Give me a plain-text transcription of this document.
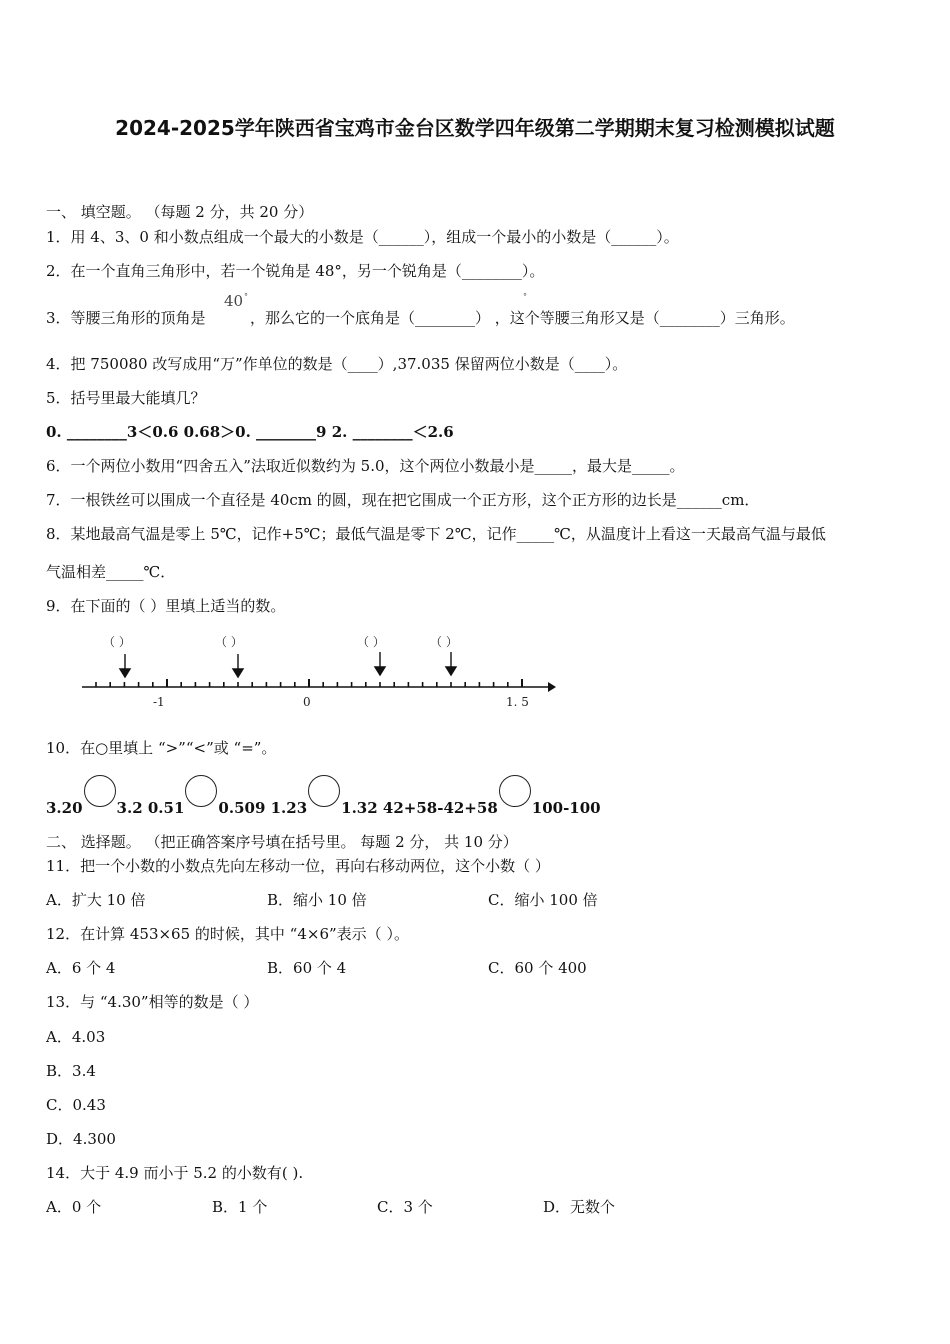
2024-2025学年陕西省宝鸡市金台区数学四年级第二学期期末复习检测模拟试题
一、 填空题。 （每题 2 分，共 20 分）
1．用 4、3、0 和小数点组成一个最大的小数是（______），组成一个最小的小数是（______）。
2．在一个直角三角形中，若一个锐角是 48°，另一个锐角是（________）。
3．等腰三角形的顶角是
40 °	°
，那么它的一个底角是（________） ，这个等腰三角形又是（________）三角形。
4．把 750080 改写成用“万”作单位的数是（____）,37.035 保留两位小数是（____）。
5．括号里最大能填几？
0. ________3＜0.6 0.68＞0. ________9 2. ________＜2.6
6．一个两位小数用“四舍五入”法取近似数约为 5.0，这个两位小数最小是_____，最大是_____。
7．一根铁丝可以围成一个直径是 40cm 的圆，现在把它围成一个正方形，这个正方形的边长是______cm．
8．某地最高气温是零上 5℃，记作+5℃；最低气温是零下 2℃，记作_____℃，从温度计上看这一天最高气温与最低
气温相差_____℃．
9．在下面的（ ）里填上适当的数。
（ ）	（ ）	（ ）	（ ）
-1	0	1. 5
10．在○里填上 “>”“<”或 “=”。
3.20 3.2 0.51 0.509 1.23 1.32 42+58-42+58 100-100
二、 选择题。 （把正确答案序号填在括号里。 每题 2 分， 共 10 分）
11．把一个小数的小数点先向左移动一位，再向右移动两位，这个小数（ ）
A．扩大 10 倍	B．缩小 10 倍	C．缩小 100 倍
12．在计算 453×65 的时候，其中 “4×6”表示（ ）。
A．6 个 4	B．60 个 4	C．60 个 400
13．与 “4.30”相等的数是（ ）
A．4.03
B．3.4
C．0.43
D．4.300
14．大于 4.9 而小于 5.2 的小数有( ).
A．0 个	B．1 个	C．3 个	D．无数个
